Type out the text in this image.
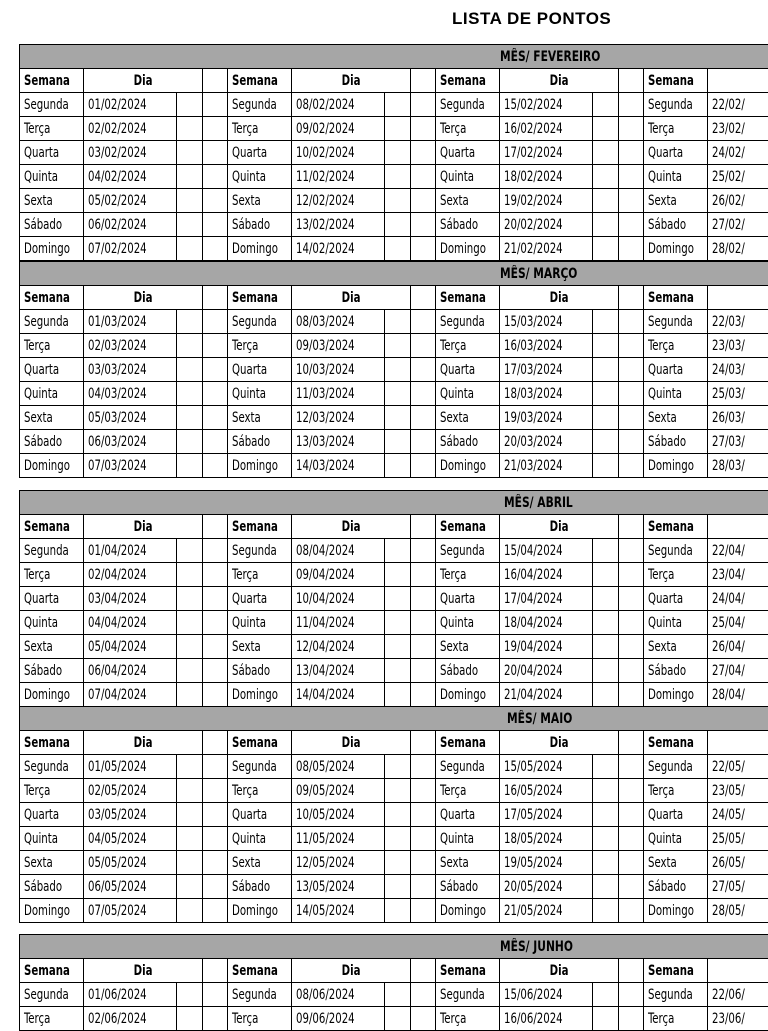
LISTA DE PONTOS
MÊS/ FEVEREIRO													
Semana	Dia			Semana	Dia			Semana	Dia			Semana	
Segunda	01/02/2024			Segunda	08/02/2024			Segunda	15/02/2024			Segunda	22/02/
Terça	02/02/2024			Terça	09/02/2024			Terça	16/02/2024			Terça	23/02/
Quarta	03/02/2024			Quarta	10/02/2024			Quarta	17/02/2024			Quarta	24/02/
Quinta	04/02/2024			Quinta	11/02/2024			Quinta	18/02/2024			Quinta	25/02/
Sexta	05/02/2024			Sexta	12/02/2024			Sexta	19/02/2024			Sexta	26/02/
Sábado	06/02/2024			Sábado	13/02/2024			Sábado	20/02/2024			Sábado	27/02/
Domingo	07/02/2024			Domingo	14/02/2024			Domingo	21/02/2024			Domingo	28/02/
MÊS/ MARÇO													
Semana	Dia			Semana	Dia			Semana	Dia			Semana	
Segunda	01/03/2024			Segunda	08/03/2024			Segunda	15/03/2024			Segunda	22/03/
Terça	02/03/2024			Terça	09/03/2024			Terça	16/03/2024			Terça	23/03/
Quarta	03/03/2024			Quarta	10/03/2024			Quarta	17/03/2024			Quarta	24/03/
Quinta	04/03/2024			Quinta	11/03/2024			Quinta	18/03/2024			Quinta	25/03/
Sexta	05/03/2024			Sexta	12/03/2024			Sexta	19/03/2024			Sexta	26/03/
Sábado	06/03/2024			Sábado	13/03/2024			Sábado	20/03/2024			Sábado	27/03/
Domingo	07/03/2024			Domingo	14/03/2024			Domingo	21/03/2024			Domingo	28/03/
MÊS/ ABRIL													
Semana	Dia			Semana	Dia			Semana	Dia			Semana	
Segunda	01/04/2024			Segunda	08/04/2024			Segunda	15/04/2024			Segunda	22/04/
Terça	02/04/2024			Terça	09/04/2024			Terça	16/04/2024			Terça	23/04/
Quarta	03/04/2024			Quarta	10/04/2024			Quarta	17/04/2024			Quarta	24/04/
Quinta	04/04/2024			Quinta	11/04/2024			Quinta	18/04/2024			Quinta	25/04/
Sexta	05/04/2024			Sexta	12/04/2024			Sexta	19/04/2024			Sexta	26/04/
Sábado	06/04/2024			Sábado	13/04/2024			Sábado	20/04/2024			Sábado	27/04/
Domingo	07/04/2024			Domingo	14/04/2024			Domingo	21/04/2024			Domingo	28/04/
MÊS/ MAIO													
Semana	Dia			Semana	Dia			Semana	Dia			Semana	
Segunda	01/05/2024			Segunda	08/05/2024			Segunda	15/05/2024			Segunda	22/05/
Terça	02/05/2024			Terça	09/05/2024			Terça	16/05/2024			Terça	23/05/
Quarta	03/05/2024			Quarta	10/05/2024			Quarta	17/05/2024			Quarta	24/05/
Quinta	04/05/2024			Quinta	11/05/2024			Quinta	18/05/2024			Quinta	25/05/
Sexta	05/05/2024			Sexta	12/05/2024			Sexta	19/05/2024			Sexta	26/05/
Sábado	06/05/2024			Sábado	13/05/2024			Sábado	20/05/2024			Sábado	27/05/
Domingo	07/05/2024			Domingo	14/05/2024			Domingo	21/05/2024			Domingo	28/05/
MÊS/ JUNHO													
Semana	Dia			Semana	Dia			Semana	Dia			Semana	
Segunda	01/06/2024			Segunda	08/06/2024			Segunda	15/06/2024			Segunda	22/06/
Terça	02/06/2024			Terça	09/06/2024			Terça	16/06/2024			Terça	23/06/
